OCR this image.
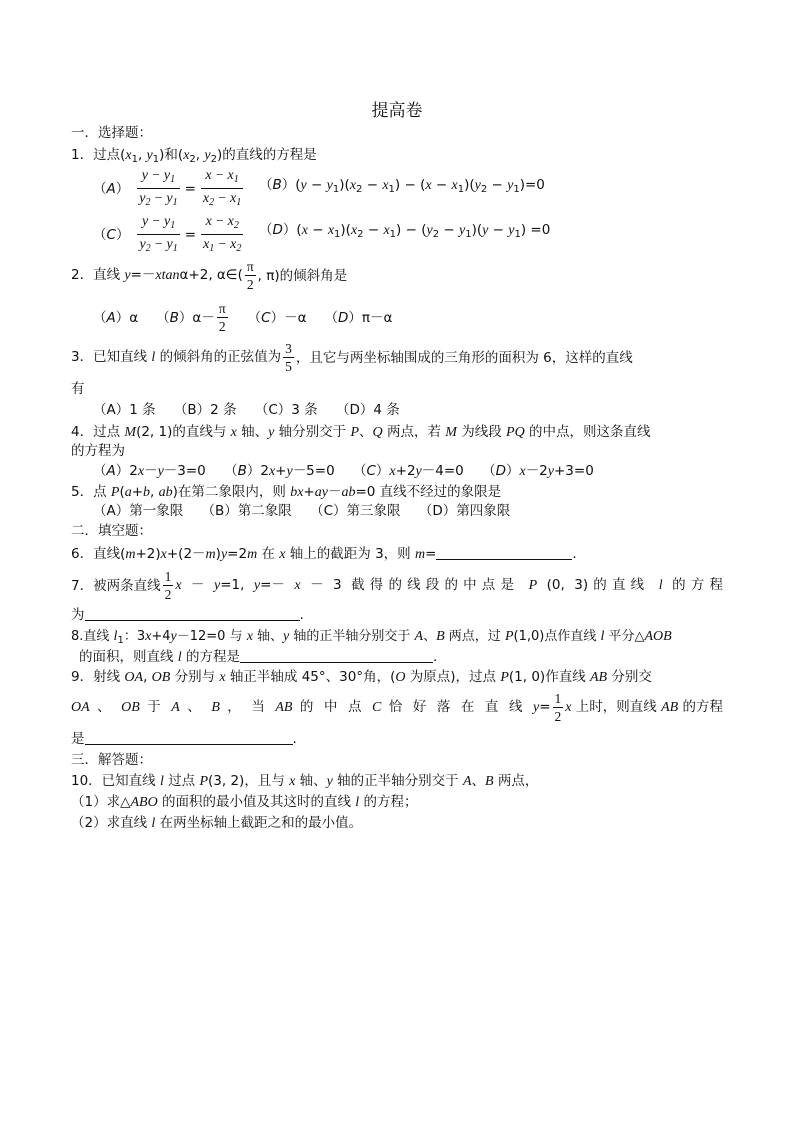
提高卷
一．选择题：
1．过点($x_1$, $y_1$)和($x_2$, $y_2$)的直线的方程是
$(A) \frac{y - y_1}{y_2 - y_1} = \frac{x - x_1}{x_2 - x_1} (B)(y - y_1)(x_2 - x_1) - (x - x_1)(y_2 - y_1)=0$
$(C) \frac{y - y_1}{y_2 - y_1} = \frac{x - x_2}{x_1 - x_2} (D)(x - x_1)(x_2 - x_1) - (y_2 - y_1)(y - y_1) =0$
2．直线 y=－xtanα+2, α∈( $\frac{\pi}{2}$ , π)的倾斜角是
（A）α $(B)\alpha- \frac{\pi}{2} (C)-\alpha$ （D）π－α
3．已知直线 l 的倾斜角的正弦值为 $\frac{3}{5}$ ，且它与两坐标轴围成的三角形的面积为 6，这样的直线
有
（A）1 条 （B）2 条 （C）3 条 （D）4 条
4．过点 M(2, 1)的直线与 x 轴、y 轴分别交于 P、Q 两点，若 M 为线段 PQ 的中点，则这条直线
的方程为
（A）2x－y－3=0 （B）2x+y－5=0 （C）x+2y－4=0 （D）x－2y+3=0
5．点 P(a+b, ab)在第二象限内，则 bx+ay－ab=0 直线不经过的象限是
（A）第一象限 （B）第二象限 （C）第三象限 （D）第四象限
二．填空题：
6．直线(m+2)x+(2－m)y=2m 在 x 轴上的截距为 3，则 m=	.
7．被两条直线 $\frac{1}{2}$ x － y=1, y=－ x － 3 截得的线段的中点是 P (0, 3)的直线 l 的方程
为	.
8.直线 $l_1$：3x+4y－12=0 与 x 轴、y 轴的正半轴分别交于 A、B 两点，过 P(1,0)点作直线 l 平分△AOB
的面积，则直线 l 的方程是	.
9．射线 OA, OB 分别与 x 轴正半轴成 45°、30°角，(O 为原点)，过点 P(1, 0)作直线 AB 分别交
OA 、 OB 于 A 、 B ， 当 AB 的 中 点 C 恰 好 落 在 直 线 $y= \frac{1}{2}$ x 上时，则直线 AB 的方程
是	.
三．解答题：
10．已知直线 l 过点 P(3, 2)，且与 x 轴、y 轴的正半轴分别交于 A、B 两点，
（1）求△ABO 的面积的最小值及其这时的直线 l 的方程；
（2）求直线 l 在两坐标轴上截距之和的最小值。
